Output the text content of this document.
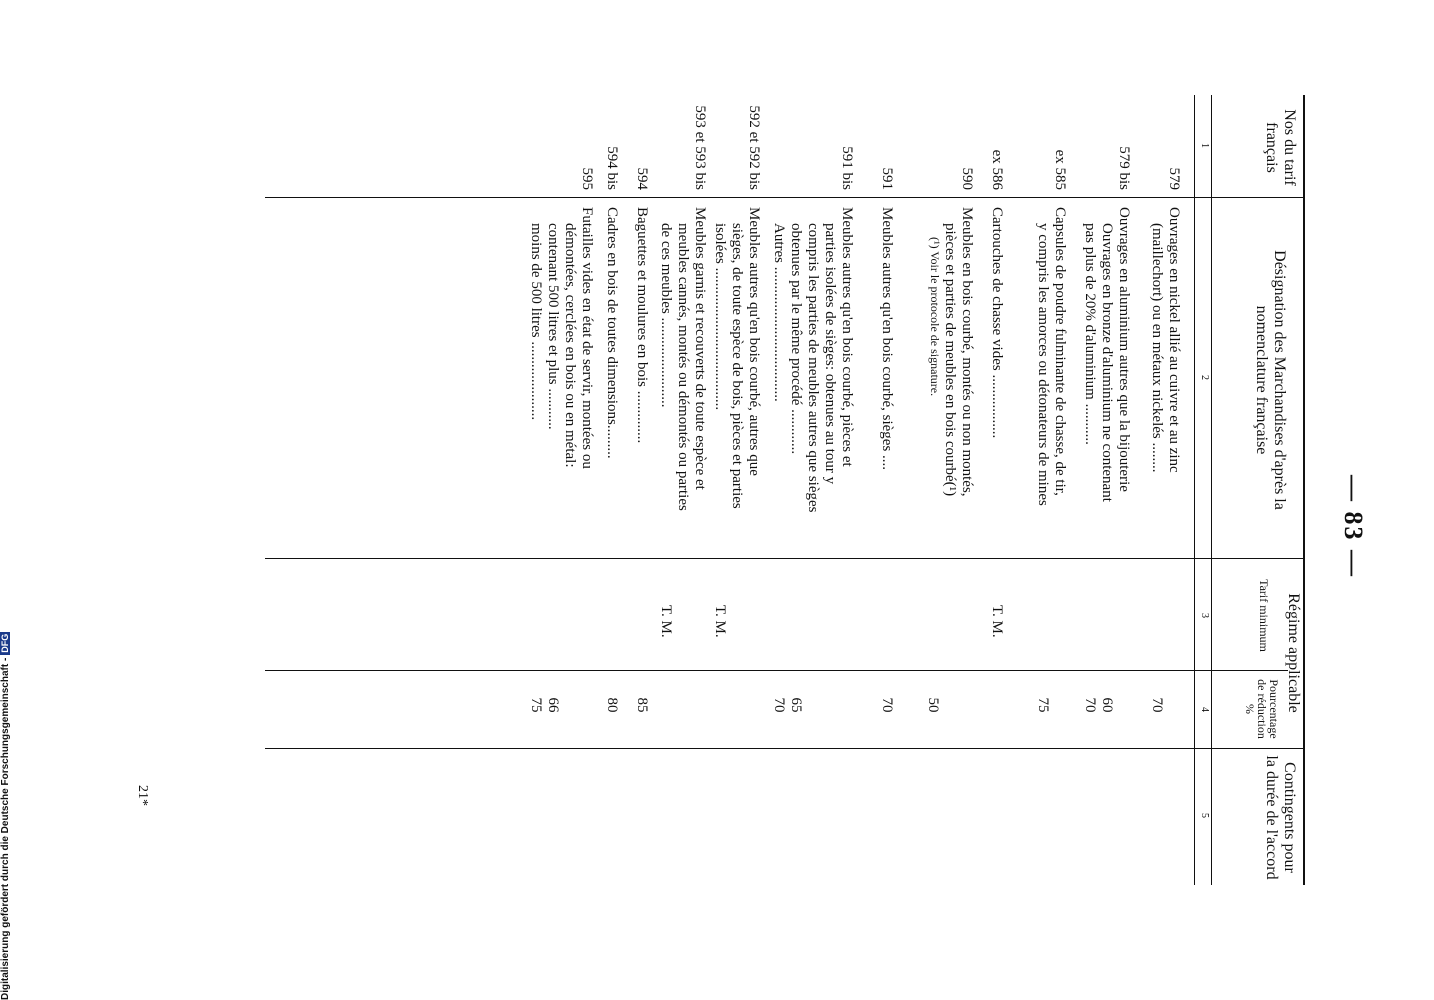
— 83 —
Nos du tarif français
Désignation des Marchandises d'après la nomenclature française
Régime applicable
Tarif minimum
Pourcentage de réduction
%
Contingents pour la durée de l'accord
1
2
3
4
5
579
Ouvrages en nickel allié au cuivre et au zinc
(maillechort) ou en métaux nickelés ........
70
579 bis
Ouvrages en aluminium autres que la bijouterie
Ouvrages en bronze d'aluminium ne contenant
pas plus de 20% d'aluminium ...........
60
70
ex 585
Capsules de poudre fulminante de chasse, de tir,
y compris les amorces ou détonateurs de mines
75
ex 586
Cartouches de chasse vides .................
T. M.
590
Meubles en bois courbé, montés ou non montés,
pièces et parties de meubles en bois courbé(¹)
(¹) Voir le protocole de signature.
50
591
Meubles autres qu'en bois courbé, sièges ....
70
591 bis
Meubles autres qu'en bois courbé, pièces et
parties isolées de sièges: obtenues au tour y
compris les parties de meubles autres que sièges
obtenues par le même procédé ............
Autres ....................................
65
70
592 et 592 bis
Meubles autres qu'en bois courbé, autres que
sièges, de toute espèce de bois, pièces et parties
isolées ......................................
T. M.
593 et 593 bis
Meubles garnis et recouverts de toute espèce et
meubles cannés, montés ou démontés ou parties
de ces meubles ........................
T. M.
594
Baguettes et moulures en bois ..............
85
594 bis
Cadres en bois de toutes dimensions.........
80
595
Futailles vides en état de servir, montées ou
démontées, cerclées en bois ou en métal:
contenant 500 litres et plus ...........
moins de 500 litres .....................
66
75
21*
Digitalisierung gefördert durch die Deutsche Forschungsgemeinschaft -DFG
